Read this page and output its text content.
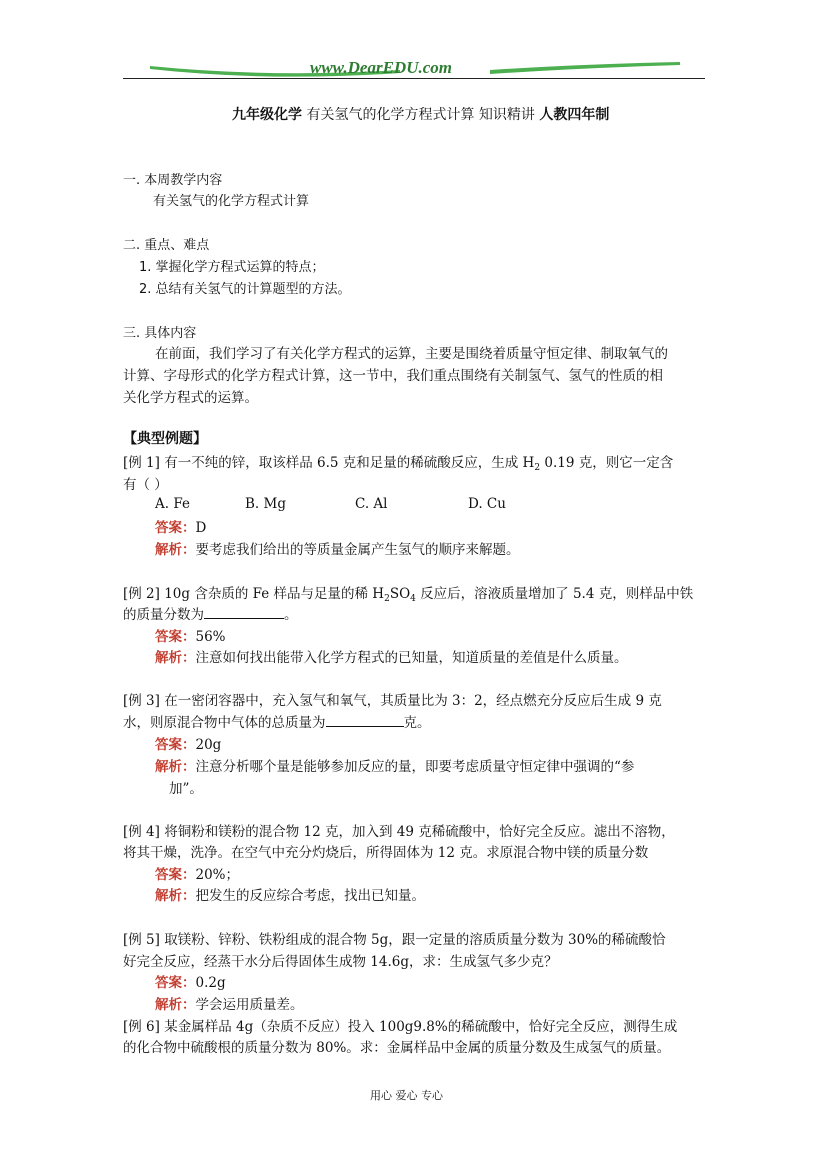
www.DearEDU.com
九年级化学 有关氢气的化学方程式计算 知识精讲 人教四年制
一. 本周教学内容
有关氢气的化学方程式计算
二. 重点、难点
1. 掌握化学方程式运算的特点；
2. 总结有关氢气的计算题型的方法。
三. 具体内容
在前面，我们学习了有关化学方程式的运算，主要是围绕着质量守恒定律、制取氧气的
计算、字母形式的化学方程式计算，这一节中，我们重点围绕有关制氢气、氢气的性质的相
关化学方程式的运算。
【典型例题】
[例 1] 有一不纯的锌，取该样品 6.5 克和足量的稀硫酸反应，生成 $H_2$ 0.19 克，则它一定含
有（ ）
A. Fe	B. Mg	C. Al	D. Cu
答案：D
解析：要考虑我们给出的等质量金属产生氢气的顺序来解题。
[例 2] 10g 含杂质的 Fe 样品与足量的稀 $H_2SO_4$ 反应后，溶液质量增加了 5.4 克，则样品中铁
的质量分数为	。
答案：56%
解析：注意如何找出能带入化学方程式的已知量，知道质量的差值是什么质量。
[例 3] 在一密闭容器中，充入氢气和氧气，其质量比为 3：2，经点燃充分反应后生成 9 克
水，则原混合物中气体的总质量为	克。
答案：20g
解析：注意分析哪个量是能够参加反应的量，即要考虑质量守恒定律中强调的“参
加”。
[例 4] 将铜粉和镁粉的混合物 12 克，加入到 49 克稀硫酸中，恰好完全反应。滤出不溶物，
将其干燥，洗净。在空气中充分灼烧后，所得固体为 12 克。求原混合物中镁的质量分数
答案：20%；
解析：把发生的反应综合考虑，找出已知量。
[例 5] 取镁粉、锌粉、铁粉组成的混合物 5g，跟一定量的溶质质量分数为 30%的稀硫酸恰
好完全反应，经蒸干水分后得固体生成物 14.6g，求：生成氢气多少克？
答案：0.2g
解析：学会运用质量差。
[例 6] 某金属样品 4g（杂质不反应）投入 100g9.8%的稀硫酸中，恰好完全反应，测得生成
的化合物中硫酸根的质量分数为 80%。求：金属样品中金属的质量分数及生成氢气的质量。
用心 爱心 专心
